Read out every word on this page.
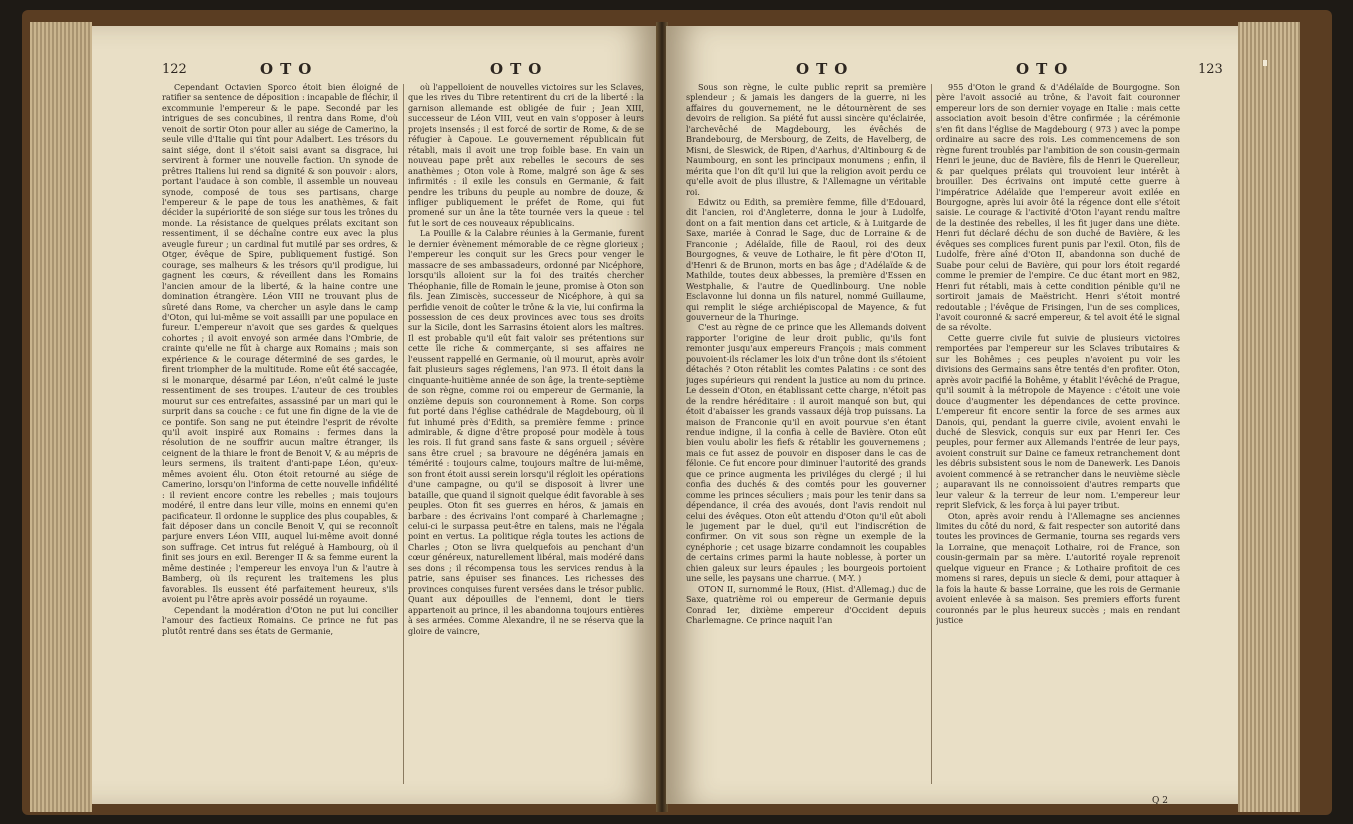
122	OTO	OTO

Cependant Octavien Sporco étoit bien éloigné de ratifier sa sentence de déposition : incapable de fléchir, il excommunie l'empereur & le pape. Secondé par les intrigues de ses concubines, il rentra dans Rome, d'où venoit de sortir Oton pour aller au siége de Camerino, la seule ville d'Italie qui tînt pour Adalbert. Les trésors du saint siége, dont il s'étoit saisi avant sa disgrace, lui servirent à former une nouvelle faction. Un synode de prêtres Italiens lui rend sa dignité & son pouvoir : alors, portant l'audace à son comble, il assemble un nouveau synode, composé de tous ses partisans, charge l'empereur & le pape de tous les anathèmes, & fait décider la supériorité de son siége sur tous les trônes du monde. La résistance de quelques prélats excitant son ressentiment, il se déchaîne contre eux avec la plus aveugle fureur ; un cardinal fut mutilé par ses ordres, & Otger, évêque de Spire, publiquement fustigé. Son courage, ses malheurs & les trésors qu'il prodigue, lui gagnent les cœurs, & réveillent dans les Romains l'ancien amour de la liberté, & la haine contre une domination étrangère. Léon VIII ne trouvant plus de sûreté dans Rome, va chercher un asyle dans le camp d'Oton, qui lui-même se voit assailli par une populace en fureur. L'empereur n'avoit que ses gardes & quelques cohortes ; il avoit envoyé son armée dans l'Ombrie, de crainte qu'elle ne fût à charge aux Romains ; mais son expérience & le courage déterminé de ses gardes, le firent triompher de la multitude. Rome eût été saccagée, si le monarque, désarmé par Léon, n'eût calmé le juste ressentiment de ses troupes. L'auteur de ces troubles mourut sur ces entrefaites, assassiné par un mari qui le surprit dans sa couche : ce fut une fin digne de la vie de ce pontife. Son sang ne put éteindre l'esprit de révolte qu'il avoit inspiré aux Romains : fermes dans la résolution de ne souffrir aucun maître étranger, ils ceignent de la thiare le front de Benoit V, & au mépris de leurs sermens, ils traitent d'anti-pape Léon, qu'eux-mêmes avoient élu. Oton étoit retourné au siége de Camerino, lorsqu'on l'informa de cette nouvelle infidélité : il revient encore contre les rebelles ; mais toujours modéré, il entre dans leur ville, moins en ennemi qu'en pacificateur. Il ordonne le supplice des plus coupables, & fait déposer dans un concile Benoit V, qui se reconnoît parjure envers Léon VIII, auquel lui-même avoit donné son suffrage. Cet intrus fut relégué à Hambourg, où il finit ses jours en exil. Berenger II & sa femme eurent la même destinée ; l'empereur les envoya l'un & l'autre à Bamberg, où ils reçurent les traitemens les plus favorables. Ils eussent été parfaitement heureux, s'ils avoient pu l'être après avoir possédé un royaume.

Cependant la modération d'Oton ne put lui concilier l'amour des factieux Romains. Ce prince ne fut pas plutôt rentré dans ses états de Germanie,

où l'appelloient de nouvelles victoires sur les Sclaves, que les rives du Tibre retentirent du cri de la liberté : la garnison allemande est obligée de fuir ; Jean XIII, successeur de Léon VIII, veut en vain s'opposer à leurs projets insensés ; il est forcé de sortir de Rome, & de se réfugier à Capoue. Le gouvernement républicain fut rétabli, mais il avoit une trop foible base. En vain un nouveau pape prêt aux rebelles le secours de ses anathèmes ; Oton vole à Rome, malgré son âge & ses infirmités : il exile les consuls en Germanie, & fait pendre les tribuns du peuple au nombre de douze, & infliger publiquement le préfet de Rome, qui fut promené sur un âne la tête tournée vers la queue : tel fut le sort de ces nouveaux républicains.

La Pouille & la Calabre réunies à la Germanie, furent le dernier évènement mémorable de ce règne glorieux ; l'empereur les conquit sur les Grecs pour venger le massacre de ses ambassadeurs, ordonné par Nicéphore, lorsqu'ils alloient sur la foi des traités chercher Théophanie, fille de Romain le jeune, promise à Oton son fils. Jean Zimiscès, successeur de Nicéphore, à qui sa perfidie venoit de coûter le trône & la vie, lui confirma la possession de ces deux provinces avec tous ses droits sur la Sicile, dont les Sarrasins étoient alors les maîtres. Il est probable qu'il eût fait valoir ses prétentions sur cette île riche & commerçante, si ses affaires ne l'eussent rappellé en Germanie, où il mourut, après avoir fait plusieurs sages réglemens, l'an 973. Il étoit dans la cinquante-huitième année de son âge, la trente-septième de son règne, comme roi ou empereur de Germanie, la onzième depuis son couronnement à Rome. Son corps fut porté dans l'église cathédrale de Magdebourg, où il fut inhumé près d'Edith, sa première femme : prince admirable, & digne d'être proposé pour modèle à tous les rois. Il fut grand sans faste & sans orgueil ; sévère sans être cruel ; sa bravoure ne dégénéra jamais en témérité : toujours calme, toujours maître de lui-même, son front étoit aussi serein lorsqu'il régloit les opérations d'une campagne, ou qu'il se disposoit à livrer une bataille, que quand il signoit quelque édit favorable à ses peuples. Oton fit ses guerres en héros, & jamais en barbare : des écrivains l'ont comparé à Charlemagne ; celui-ci le surpassa peut-être en talens, mais ne l'égala point en vertus. La politique régla toutes les actions de Charles ; Oton se livra quelquefois au penchant d'un cœur généreux, naturellement libéral, mais modéré dans ses dons ; il récompensa tous les services rendus à la patrie, sans épuiser ses finances. Les richesses des provinces conquises furent versées dans le trésor public. Quant aux dépouilles de l'ennemi, dont le tiers appartenoit au prince, il les abandonna toujours entières à ses armées. Comme Alexandre, il ne se réserva que la gloire de vaincre,

OTO	OTO	123

Sous son règne, le culte public reprit sa première splendeur ; & jamais les dangers de la guerre, ni les affaires du gouvernement, ne le détournèrent de ses devoirs de religion. Sa piété fut aussi sincère qu'éclairée, l'archevêché de Magdebourg, les évêchés de Brandebourg, de Mersbourg, de Zeits, de Havelberg, de Misni, de Sleswick, de Ripen, d'Aarhus, d'Altinbourg & de Naumbourg, en sont les principaux monumens ; enfin, il mérita que l'on dît qu'il lui que la religion avoit perdu ce qu'elle avoit de plus illustre, & l'Allemagne un véritable roi.

Edwitz ou Edith, sa première femme, fille d'Edouard, dit l'ancien, roi d'Angleterre, donna le jour à Ludolfe, dont on a fait mention dans cet article, & à Luitgarde de Saxe, mariée à Conrad le Sage, duc de Lorraine & de Franconie ; Adélaïde, fille de Raoul, roi des deux Bourgognes, & veuve de Lothaire, le fit père d'Oton II, d'Henri & de Brunon, morts en bas âge ; d'Adélaïde & de Mathilde, toutes deux abbesses, la première d'Essen en Westphalie, & l'autre de Quedlinbourg. Une noble Esclavonne lui donna un fils naturel, nommé Guillaume, qui remplit le siége archiépiscopal de Mayence, & fut gouverneur de la Thuringe.

C'est au règne de ce prince que les Allemands doivent rapporter l'origine de leur droit public, qu'ils font remonter jusqu'aux empereurs François ; mais comment pouvoient-ils réclamer les loix d'un trône dont ils s'étoient détachés ? Oton rétablit les comtes Palatins : ce sont des juges supérieurs qui rendent la justice au nom du prince. Le dessein d'Oton, en établissant cette charge, n'étoit pas de la rendre héréditaire : il auroit manqué son but, qui étoit d'abaisser les grands vassaux déjà trop puissans. La maison de Franconie qu'il en avoit pourvue s'en étant rendue indigne, il la confia à celle de Bavière. Oton eût bien voulu abolir les fiefs & rétablir les gouvernemens ; mais ce fut assez de pouvoir en disposer dans le cas de félonie. Ce fut encore pour diminuer l'autorité des grands que ce prince augmenta les priviléges du clergé ; il lui confia des duchés & des comtés pour les gouverner comme les princes séculiers ; mais pour les tenir dans sa dépendance, il créa des avoués, dont l'avis rendoit nul celui des évêques. Oton eût attendu d'Oton qu'il eût aboli le jugement par le duel, qu'il eut l'indiscrétion de confirmer. On vit sous son règne un exemple de la cynéphorie ; cet usage bizarre condamnoit les coupables de certains crimes parmi la haute noblesse, à porter un chien galeux sur leurs épaules ; les bourgeois portoient une selle, les paysans une charrue. ( M-Y. )

OTON II, surnommé le Roux, (Hist. d'Allemag.) duc de Saxe, quatrième roi ou empereur de Germanie depuis Conrad Ier, dixième empereur d'Occident depuis Charlemagne. Ce prince naquit l'an

955 d'Oton le grand & d'Adélaïde de Bourgogne. Son père l'avoit associé au trône, & l'avoit fait couronner empereur lors de son dernier voyage en Italie : mais cette association avoit besoin d'être confirmée ; la cérémonie s'en fit dans l'église de Magdebourg ( 973 ) avec la pompe ordinaire au sacre des rois. Les commencemens de son règne furent troublés par l'ambition de son cousin-germain Henri le jeune, duc de Bavière, fils de Henri le Querelleur, & par quelques prélats qui trouvoient leur intérêt à brouiller. Des écrivains ont imputé cette guerre à l'impératrice Adélaïde que l'empereur avoit exilée en Bourgogne, après lui avoir ôté la régence dont elle s'étoit saisie. Le courage & l'activité d'Oton l'ayant rendu maître de la destinée des rebelles, il les fit juger dans une diète. Henri fut déclaré déchu de son duché de Bavière, & les évêques ses complices furent punis par l'exil. Oton, fils de Ludolfe, frère aîné d'Oton II, abandonna son duché de Suabe pour celui de Bavière, qui pour lors étoit regardé comme le premier de l'empire. Ce duc étant mort en 982, Henri fut rétabli, mais à cette condition pénible qu'il ne sortiroit jamais de Maëstricht. Henri s'étoit montré redoutable ; l'évêque de Frisingen, l'un de ses complices, l'avoit couronné & sacré empereur, & tel avoit été le signal de sa révolte.

Cette guerre civile fut suivie de plusieurs victoires remportées par l'empereur sur les Sclaves tributaires & sur les Bohêmes ; ces peuples n'avoient pu voir les divisions des Germains sans être tentés d'en profiter. Oton, après avoir pacifié la Bohême, y établit l'évêché de Prague, qu'il soumit à la métropole de Mayence : c'étoit une voie douce d'augmenter les dépendances de cette province. L'empereur fit encore sentir la force de ses armes aux Danois, qui, pendant la guerre civile, avoient envahi le duché de Slesvick, conquis sur eux par Henri Ier. Ces peuples, pour fermer aux Allemands l'entrée de leur pays, avoient construit sur Daine ce fameux retranchement dont les débris subsistent sous le nom de Danewerk. Les Danois avoient commencé à se retrancher dans le neuvième siècle ; auparavant ils ne connoissoient d'autres remparts que leur valeur & la terreur de leur nom. L'empereur leur reprit Slefvick, & les força à lui payer tribut.

Oton, après avoir rendu à l'Allemagne ses anciennes limites du côté du nord, & fait respecter son autorité dans toutes les provinces de Germanie, tourna ses regards vers la Lorraine, que menaçoit Lothaire, roi de France, son cousin-germain par sa mère. L'autorité royale reprenoit quelque vigueur en France ; & Lothaire profitoit de ces momens si rares, depuis un siecle & demi, pour attaquer à la fois la haute & basse Lorraine, que les rois de Germanie avoient enlevée à sa maison. Ses premiers efforts furent couronnés par le plus heureux succès ; mais en rendant justice

Q 2
